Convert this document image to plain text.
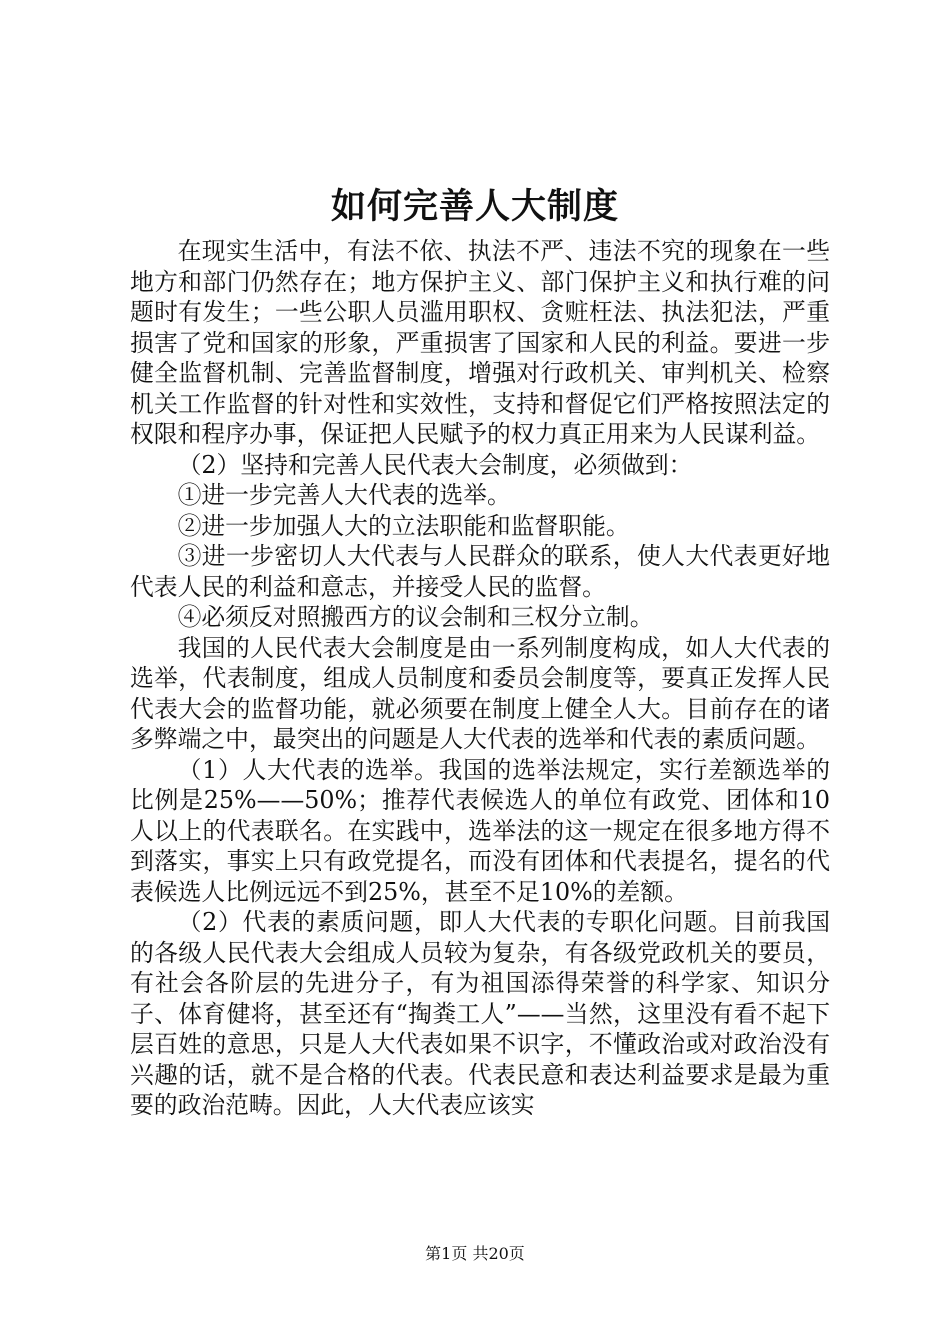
如何完善人大制度

在现实生活中，有法不依、执法不严、违法不究的现象在一些地方和部门仍然存在；地方保护主义、部门保护主义和执行难的问题时有发生；一些公职人员滥用职权、贪赃枉法、执法犯法，严重损害了党和国家的形象，严重损害了国家和人民的利益。要进一步健全监督机制、完善监督制度，增强对行政机关、审判机关、检察机关工作监督的针对性和实效性，支持和督促它们严格按照法定的权限和程序办事，保证把人民赋予的权力真正用来为人民谋利益。

（2）坚持和完善人民代表大会制度，必须做到：

①进一步完善人大代表的选举。

②进一步加强人大的立法职能和监督职能。

③进一步密切人大代表与人民群众的联系，使人大代表更好地代表人民的利益和意志，并接受人民的监督。

④必须反对照搬西方的议会制和三权分立制。

我国的人民代表大会制度是由一系列制度构成，如人大代表的选举，代表制度，组成人员制度和委员会制度等，要真正发挥人民代表大会的监督功能，就必须要在制度上健全人大。目前存在的诸多弊端之中，最突出的问题是人大代表的选举和代表的素质问题。

（1）人大代表的选举。我国的选举法规定，实行差额选举的比例是25%——50%；推荐代表候选人的单位有政党、团体和10人以上的代表联名。在实践中，选举法的这一规定在很多地方得不到落实，事实上只有政党提名，而没有团体和代表提名，提名的代表候选人比例远远不到25%，甚至不足10%的差额。

（2）代表的素质问题，即人大代表的专职化问题。目前我国的各级人民代表大会组成人员较为复杂，有各级党政机关的要员，有社会各阶层的先进分子，有为祖国添得荣誉的科学家、知识分子、体育健将，甚至还有“掏粪工人”——当然，这里没有看不起下层百姓的意思，只是人大代表如果不识字，不懂政治或对政治没有兴趣的话，就不是合格的代表。代表民意和表达利益要求是最为重要的政治范畴。因此，人大代表应该实

第1页 共20页
